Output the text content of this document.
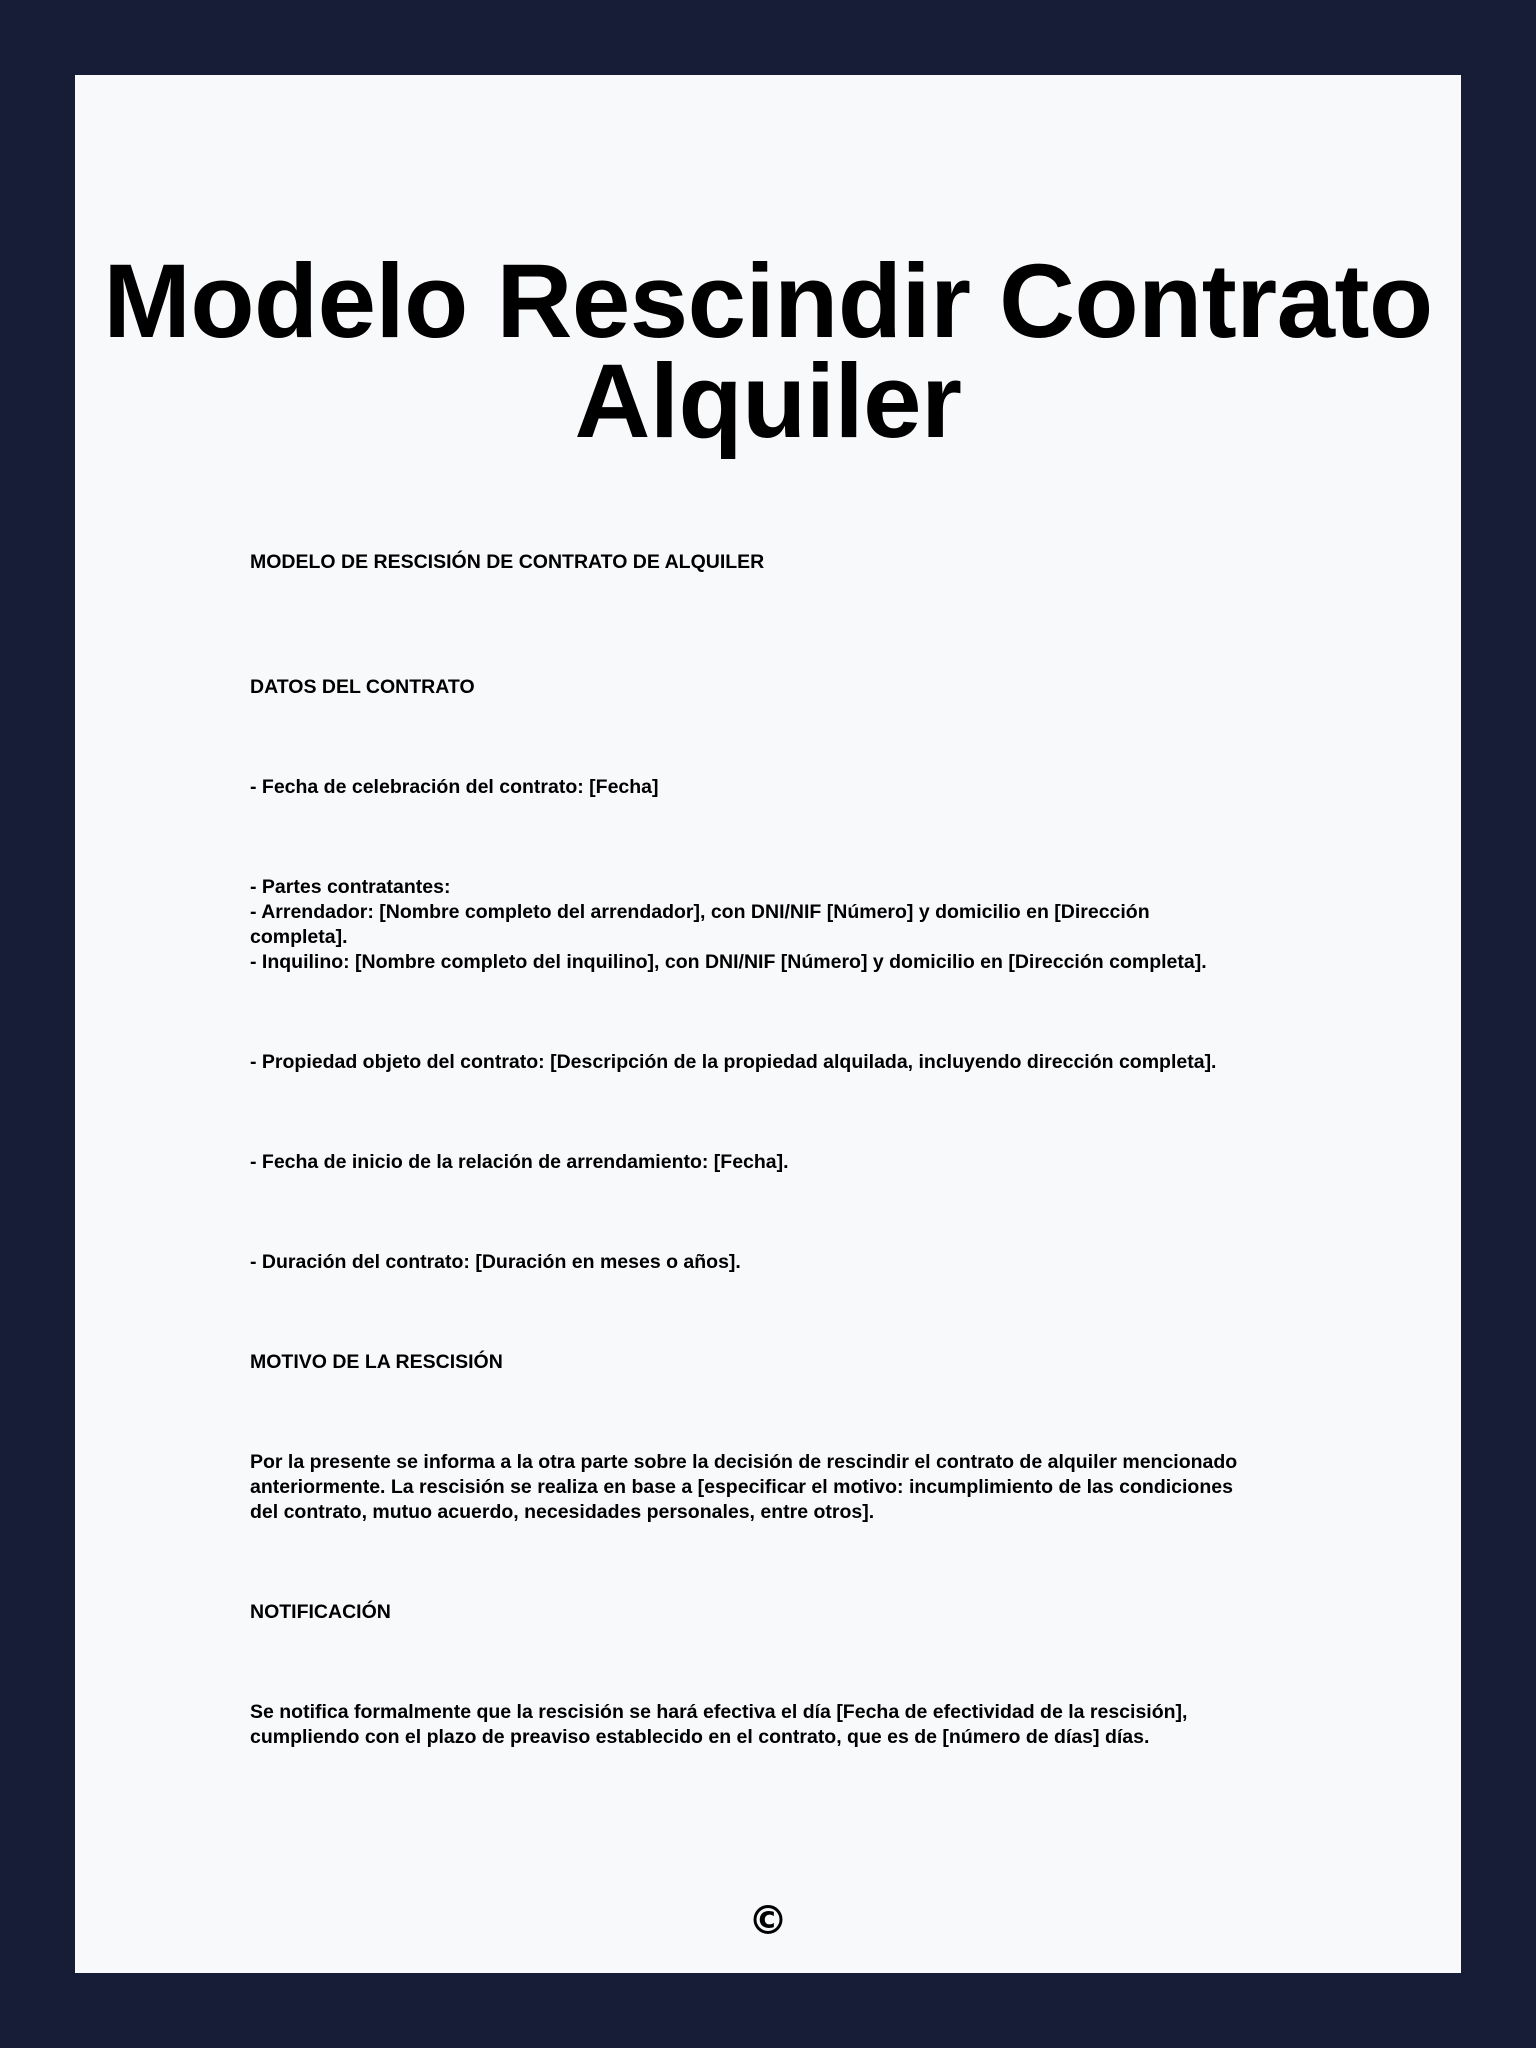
Modelo Rescindir Contrato Alquiler

MODELO DE RESCISIÓN DE CONTRATO DE ALQUILER

DATOS DEL CONTRATO

- Fecha de celebración del contrato: [Fecha]

- Partes contratantes:
- Arrendador: [Nombre completo del arrendador], con DNI/NIF [Número] y domicilio en [Dirección
completa].
- Inquilino: [Nombre completo del inquilino], con DNI/NIF [Número] y domicilio en [Dirección completa].

- Propiedad objeto del contrato: [Descripción de la propiedad alquilada, incluyendo dirección completa].

- Fecha de inicio de la relación de arrendamiento: [Fecha].

- Duración del contrato: [Duración en meses o años].

MOTIVO DE LA RESCISIÓN

Por la presente se informa a la otra parte sobre la decisión de rescindir el contrato de alquiler mencionado
anteriormente. La rescisión se realiza en base a [especificar el motivo: incumplimiento de las condiciones
del contrato, mutuo acuerdo, necesidades personales, entre otros].

NOTIFICACIÓN

Se notifica formalmente que la rescisión se hará efectiva el día [Fecha de efectividad de la rescisión],
cumpliendo con el plazo de preaviso establecido en el contrato, que es de [número de días] días.
©
